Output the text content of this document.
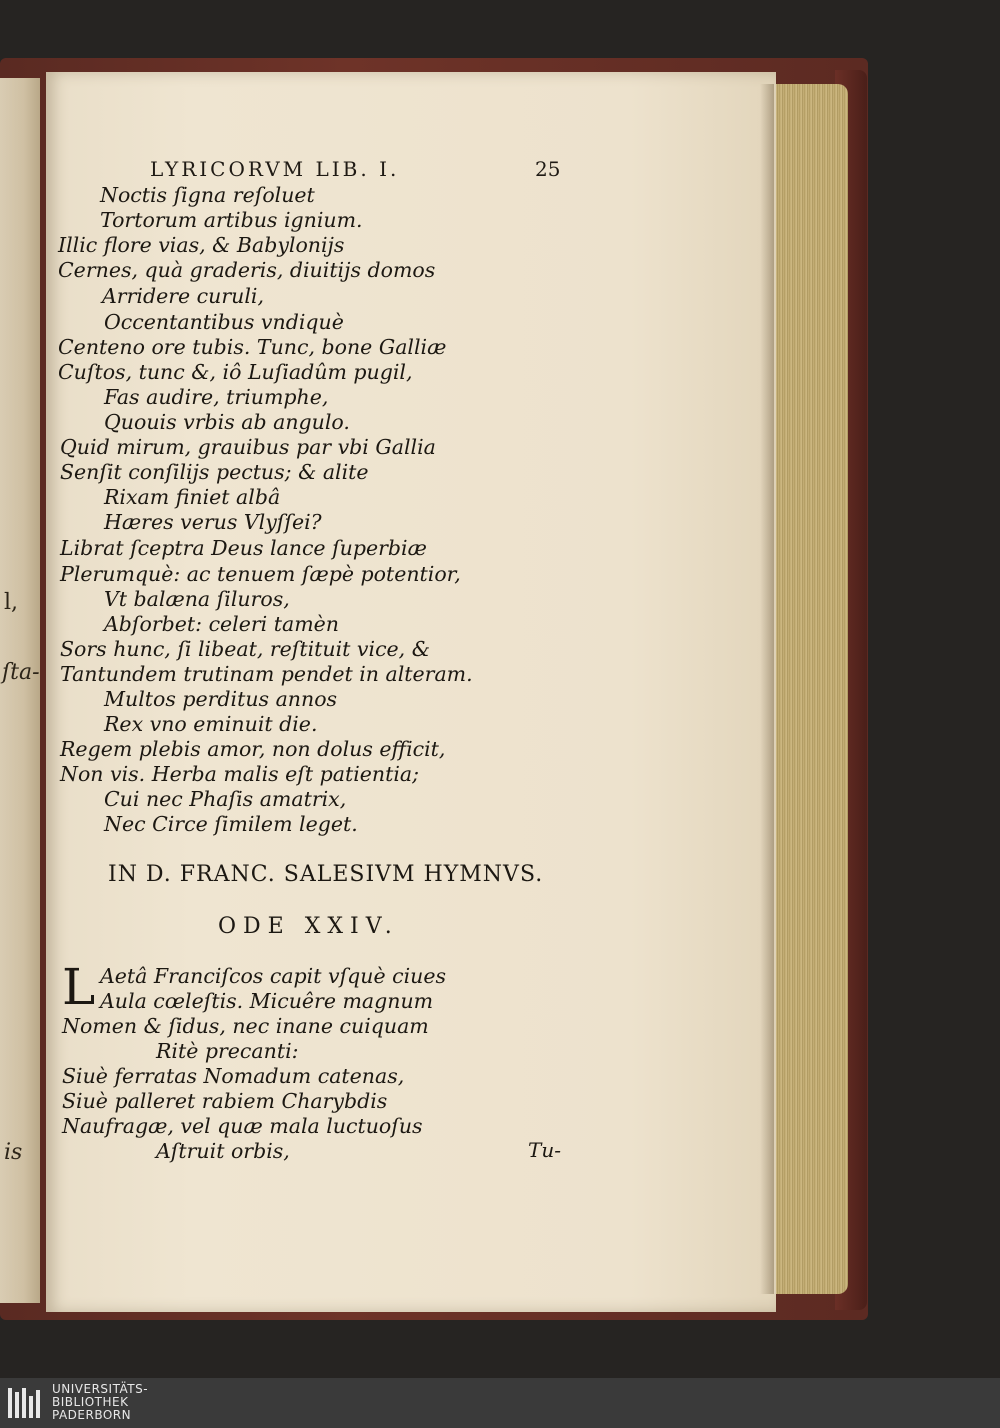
l,
ſta-
is
LYRICORVM LIB. I.	25
Noctis ſigna reſoluet
Tortorum artibus ignium.
Illic flore vias, & Babylonijs
Cernes, quà graderis, diuitijs domos
Arridere curuli,
Occentantibus vndiquè
Centeno ore tubis. Tunc, bone Galliæ
Cuſtos, tunc &, iô Luſiadûm pugil,
Fas audire, triumphe,
Quouis vrbis ab angulo.
Quid mirum, grauibus par vbi Gallia
Senſit conſilijs pectus; & alite
Rixam finiet albâ
Hæres verus Vlyſſei?
Librat ſceptra Deus lance ſuperbiæ
Plerumquè: ac tenuem ſæpè potentior,
Vt balæna ſiluros,
Abſorbet: celeri tamèn
Sors hunc, ſi libeat, reſtituit vice, &
Tantundem trutinam pendet in alteram.
Multos perditus annos
Rex vno eminuit die.
Regem plebis amor, non dolus efficit,
Non vis. Herba malis eſt patientia;
Cui nec Phaſis amatrix,
Nec Circe ſimilem leget.
IN D. FRANC. SALESIVM HYMNVS.
ODE XXIV.
L Aetâ Franciſcos capit vſquè ciues
Aula cœleſtis. Micuêre magnum
Nomen & ſidus, nec inane cuiquam
Ritè precanti:
Siuè ferratas Nomadum catenas,
Siuè palleret rabiem Charybdis
Naufragæ, vel quæ mala luctuoſus
Aſtruit orbis,	Tu-
UNIVERSITÄTS-
BIBLIOTHEK
PADERBORN
